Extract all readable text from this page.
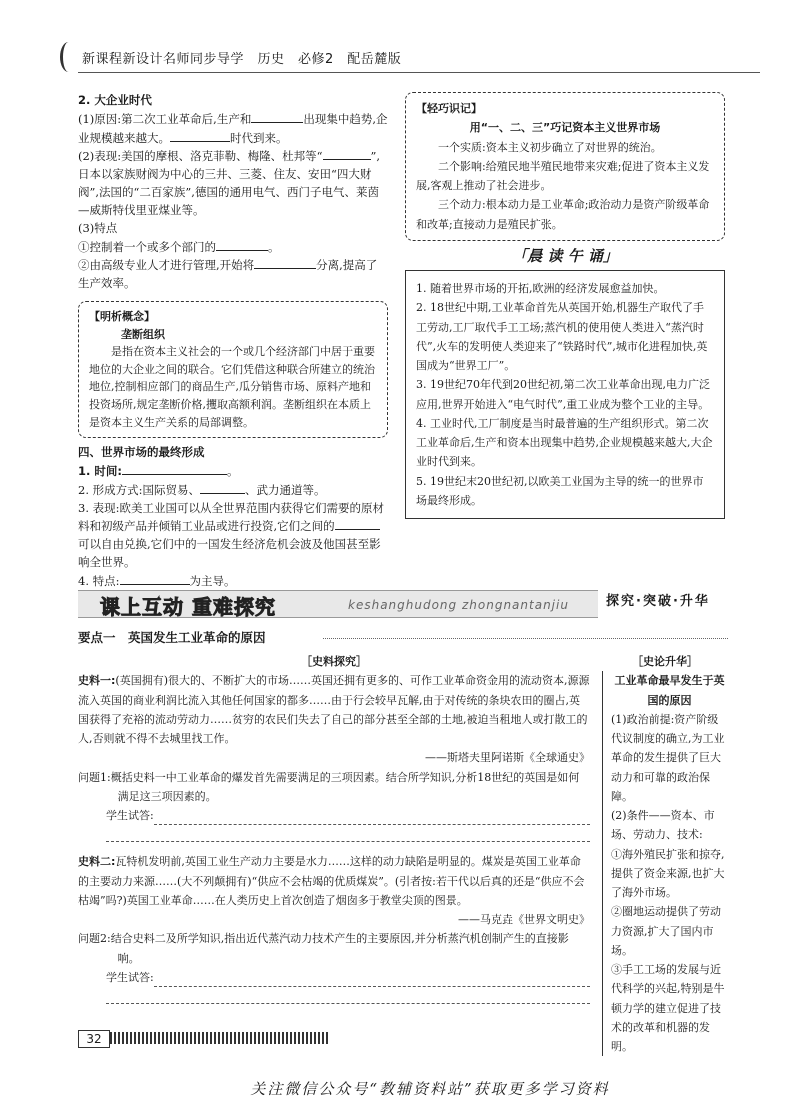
新课程新设计名师同步导学　历史　必修2　配岳麓版

2. 大企业时代

(1)原因:第二次工业革命后,生产和	出现集中趋势,企业规模越来越大。	时代到来。

(2)表现:美国的摩根、洛克菲勒、梅隆、杜邦等“	”,日本以家族财阀为中心的三井、三菱、住友、安田“四大财阀”,法国的“二百家族”,德国的通用电气、西门子电气、莱茵—威斯特伐里亚煤业等。

(3)特点

①控制着一个或多个部门的	。

②由高级专业人才进行管理,开始将	分离,提高了生产效率。

【明析概念】
垄断组织

是指在资本主义社会的一个或几个经济部门中居于重要地位的大企业之间的联合。它们凭借这种联合所建立的统治地位,控制相应部门的商品生产,瓜分销售市场、原料产地和投资场所,规定垄断价格,攫取高额利润。垄断组织在本质上是资本主义生产关系的局部调整。

四、世界市场的最终形成

1. 时间:	。

2. 形成方式:国际贸易、	、武力通道等。

3. 表现:欧美工业国可以从全世界范围内获得它们需要的原材料和初级产品并倾销工业品或进行投资,它们之间的可以自由兑换,它们中的一国发生经济危机会波及他国甚至影响全世界。

4. 特点:	为主导。

【轻巧识记】
用“一、二、三”巧记资本主义世界市场

一个实质:资本主义初步确立了对世界的统治。

二个影响:给殖民地半殖民地带来灾难;促进了资本主义发展,客观上推动了社会进步。

三个动力:根本动力是工业革命;政治动力是资产阶级革命和改革;直接动力是殖民扩张。

「晨 读 午 诵」

1. 随着世界市场的开拓,欧洲的经济发展愈益加快。

2. 18世纪中期,工业革命首先从英国开始,机器生产取代了手工劳动,工厂取代手工工场;蒸汽机的使用使人类进入“蒸汽时代”,火车的发明使人类迎来了“铁路时代”,城市化进程加快,英国成为“世界工厂”。

3. 19世纪70年代到20世纪初,第二次工业革命出现,电力广泛应用,世界开始进入“电气时代”,重工业成为整个工业的主导。

4. 工业时代,工厂制度是当时最普遍的生产组织形式。第二次工业革命后,生产和资本出现集中趋势,企业规模越来越大,大企业时代到来。

5. 19世纪末20世纪初,以欧美工业国为主导的统一的世界市场最终形成。

课上互动 重难探究	keshanghudong zhongnantanjiu	探究·突破·升华
要点一　英国发生工业革命的原因
［史料探究］

史料一:(英国拥有)很大的、不断扩大的市场……英国还拥有更多的、可作工业革命资金用的流动资本,源源流入英国的商业利润比流入其他任何国家的都多……由于行会较早瓦解,由于对传统的条块农田的圈占,英国获得了充裕的流动劳动力……贫穷的农民们失去了自己的部分甚至全部的土地,被迫当租地人或打散工的人,否则就不得不去城里找工作。

——斯塔夫里阿诺斯《全球通史》

问题1:概括史料一中工业革命的爆发首先需要满足的三项因素。结合所学知识,分析18世纪的英国是如何满足这三项因素的。

学生试答:

史料二:瓦特机发明前,英国工业生产动力主要是水力……这样的动力缺陷是明显的。煤炭是英国工业革命的主要动力来源……(大不列颠拥有)“供应不会枯竭的优质煤炭”。(引者按:若干代以后真的还是“供应不会枯竭”吗?)英国工业革命……在人类历史上首次创造了烟囱多于教堂尖顶的图景。

——马克垚《世界文明史》

问题2:结合史料二及所学知识,指出近代蒸汽动力技术产生的主要原因,并分析蒸汽机创制产生的直接影响。

学生试答:
［史论升华］
工业革命最早发生于英国的原因

(1)政治前提:资产阶级代议制度的确立,为工业革命的发生提供了巨大动力和可靠的政治保障。

(2)条件——资本、市场、劳动力、技术:

①海外殖民扩张和掠夺,提供了资金来源,也扩大了海外市场。

②圈地运动提供了劳动力资源,扩大了国内市场。

③手工工场的发展与近代科学的兴起,特别是牛顿力学的建立促进了技术的改革和机器的发明。

32
关注微信公众号“教辅资料站”获取更多学习资料
